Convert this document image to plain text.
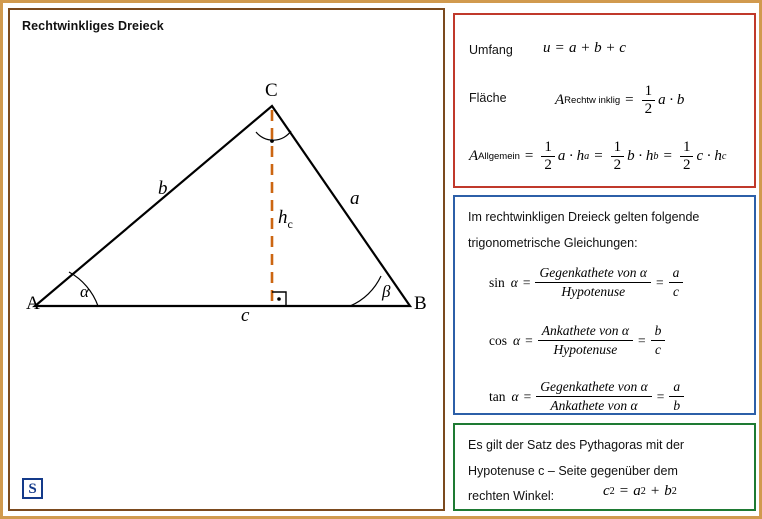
Rechtwinkliges Dreieck
A	B
C
b	a
c
α	β
$h_c$
S
Umfang u = a + b + c
Fläche	A Rechtw inklig = $\frac{1}{2}$ a · b
A Allgemein = $\frac{1}{2}$ a · h $a = \frac{1}{2}$ b · h $b = \frac{1}{2}$ c · h c
Im rechtwinkligen Dreieck gelten folgende
trigonometrische Gleichungen:
$\sin \alpha = \frac{\text{Gegenkathete von α}}{\text{Hypotenuse}} = \frac{a}{c}$
$\cos \alpha = \frac{\text{Ankathete von α}}{\text{Hypotenuse}} = \frac{b}{c}$
$\tan \alpha = \frac{\text{Gegenkathete von α}}{\text{Ankathete von α}} = \frac{a}{b}$
Es gilt der Satz des Pythagoras mit der
Hypotenuse c – Seite gegenüber dem
rechten Winkel:	c 2 = a 2 + b 2
